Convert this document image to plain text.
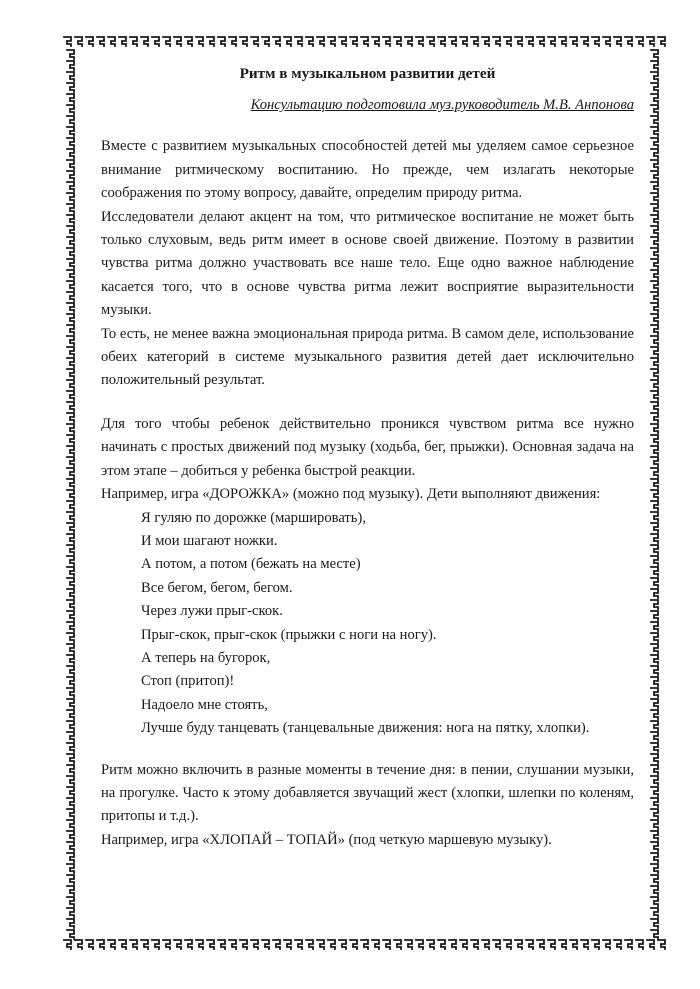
Ритм в музыкальном развитии детей
Консультацию подготовила муз.руководитель М.В. Анпонова

Вместе с развитием музыкальных способностей детей мы уделяем самое серьезное внимание ритмическому воспитанию. Но прежде, чем излагать некоторые соображения по этому вопросу, давайте, определим природу ритма.

Исследователи делают акцент на том, что ритмическое воспитание не может быть только слуховым, ведь ритм имеет в основе своей движение. Поэтому в развитии чувства ритма должно участвовать все наше тело. Еще одно важное наблюдение касается того, что в основе чувства ритма лежит восприятие выразительности музыки.

То есть, не менее важна эмоциональная природа ритма. В самом деле, использование обеих категорий в системе музыкального развития детей дает исключительно положительный результат.

Для того чтобы ребенок действительно проникся чувством ритма все нужно начинать с простых движений под музыку (ходьба, бег, прыжки). Основная задача на этом этапе – добиться у ребенка быстрой реакции.

Например, игра «ДОРОЖКА» (можно под музыку). Дети выполняют движения:

Я гуляю по дорожке (маршировать),

И мои шагают ножки.

А потом, а потом (бежать на месте)

Все бегом, бегом, бегом.

Через лужи прыг-скок.

Прыг-скок, прыг-скок (прыжки с ноги на ногу).

А теперь на бугорок,

Стоп (притоп)!

Надоело мне стоять,

Лучше буду танцевать (танцевальные движения: нога на пятку, хлопки).

Ритм можно включить в разные моменты в течение дня: в пении, слушании музыки, на прогулке. Часто к этому добавляется звучащий жест (хлопки, шлепки по коленям, притопы и т.д.).

Например, игра «ХЛОПАЙ – ТОПАЙ» (под четкую маршевую музыку).
